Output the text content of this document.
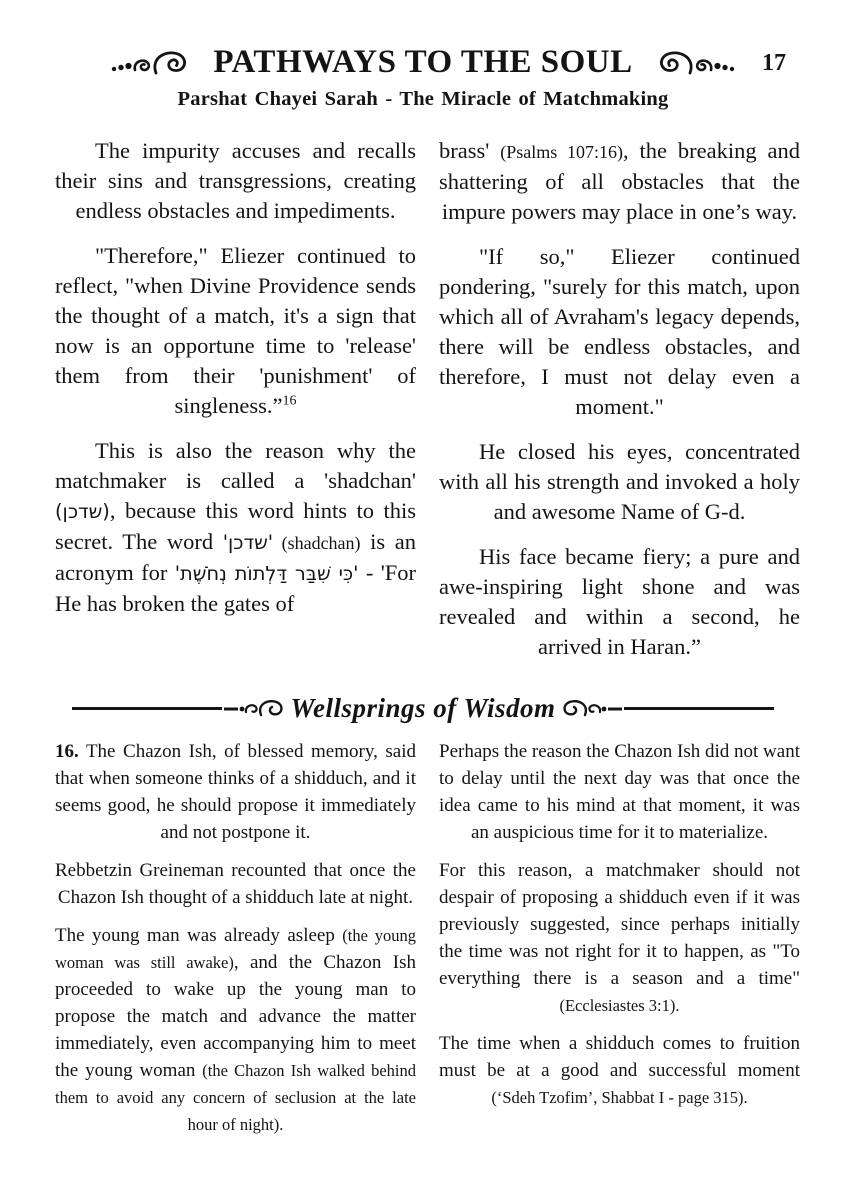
PATHWAYS TO THE SOUL	17
Parshat Chayei Sarah - The Miracle of Matchmaking

The impurity accuses and recalls their sins and transgressions, creating endless obstacles and impediments.

"Therefore," Eliezer continued to reflect, "when Divine Providence sends the thought of a match, it's a sign that now is an opportune time to 'release' them from their 'punishment' of singleness.”$^{16}$

This is also the reason why the matchmaker is called a 'shadchan' (שדכן), because this word hints to this secret. The word 'שדכן' (shadchan) is an acronym for 'כִּי שִׁבַּר דַּלְתוֹת נְחֹשֶׁת' - 'For He has broken the gates of

brass' (Psalms 107:16), the breaking and shattering of all obstacles that the impure powers may place in one’s way.

"If so," Eliezer continued pondering, "surely for this match, upon which all of Avraham's legacy depends, there will be endless obstacles, and therefore, I must not delay even a moment."

He closed his eyes, concentrated with all his strength and invoked a holy and awesome Name of G-d.

His face became fiery; a pure and awe-inspiring light shone and was revealed and within a second, he arrived in Haran.”

Wellsprings of Wisdom

16. The Chazon Ish, of blessed memory, said that when someone thinks of a shidduch, and it seems good, he should propose it immediately and not postpone it.

Rebbetzin Greineman recounted that once the Chazon Ish thought of a shidduch late at night.

The young man was already asleep (the young woman was still awake), and the Chazon Ish proceeded to wake up the young man to propose the match and advance the matter immediately, even accompanying him to meet the young woman (the Chazon Ish walked behind them to avoid any concern of seclusion at the late hour of night).

Perhaps the reason the Chazon Ish did not want to delay until the next day was that once the idea came to his mind at that moment, it was an auspicious time for it to materialize.

For this reason, a matchmaker should not despair of proposing a shidduch even if it was previously suggested, since perhaps initially the time was not right for it to happen, as "To everything there is a season and a time" (Ecclesiastes 3:1).

The time when a shidduch comes to fruition must be at a good and successful moment (‘Sdeh Tzofim’, Shabbat I - page 315).
